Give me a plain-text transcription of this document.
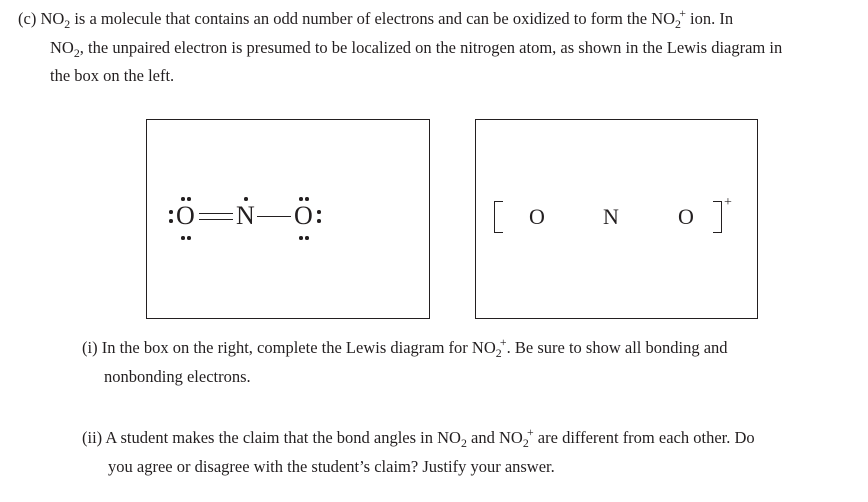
(c) $NO_2$ is a molecule that contains an odd number of electrons and can be oxidized to form the $NO_2^+$ ion. In
$NO_2$, the unpaired electron is presumed to be localized on the nitrogen atom, as shown in the Lewis diagram in
the box on the left.
O N O	O	N	O
+
(i) In the box on the right, complete the Lewis diagram for $NO_2^+$. Be sure to show all bonding and
nonbonding electrons.
(ii) A student makes the claim that the bond angles in $NO_2$ and $NO_2^+$ are different from each other. Do
you agree or disagree with the student’s claim? Justify your answer.
